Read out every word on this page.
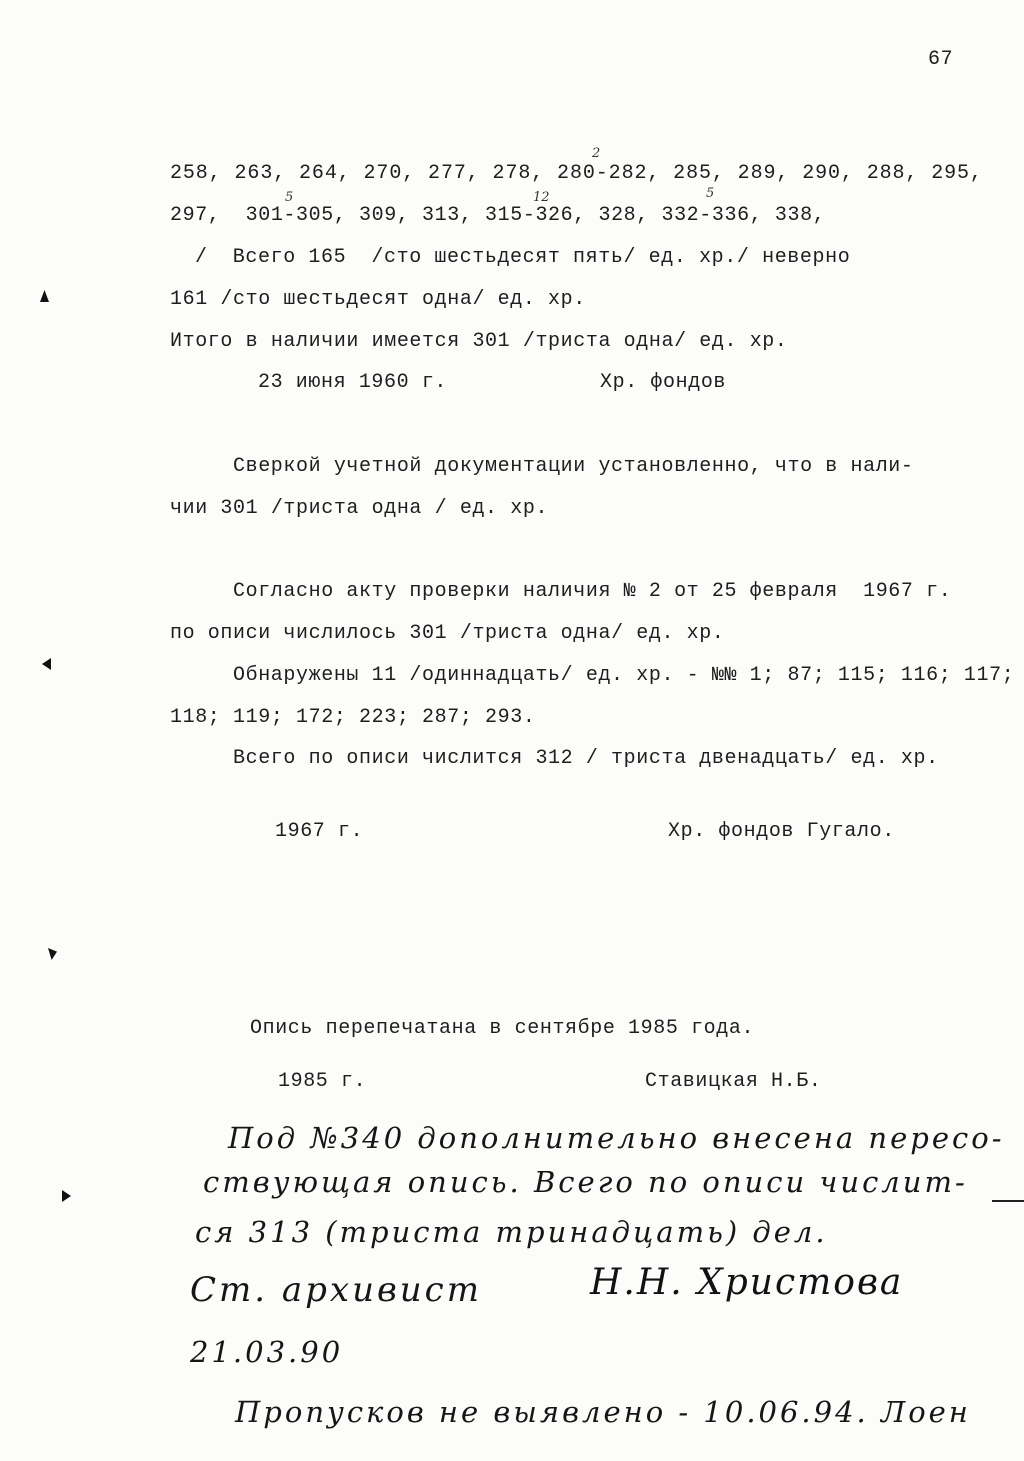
67
2
258, 263, 264, 270, 277, 278, 280-282, 285, 289, 290, 288, 295,
5	12	5
297,  301-305, 309, 313, 315-326, 328, 332-336, 338,
/  Всего 165  /сто шестьдесят пять/ ед. хр./ неверно
161 /сто шестьдесят одна/ ед. хр.
Итого в наличии имеется 301 /триста одна/ ед. хр.
23 июня 1960 г.	Хр. фондов
Сверкой учетной документации установленно, что в нали-
чии 301 /триста одна / ед. хр.
Согласно акту проверки наличия № 2 от 25 февраля  1967 г.
по описи числилось 301 /триста одна/ ед. хр.
Обнаружены 11 /одиннадцать/ ед. хр. - №№ 1; 87; 115; 116; 117;
118; 119; 172; 223; 287; 293.
Всего по описи числится 312 / триста двенадцать/ ед. хр.
1967 г.	Хр. фондов Гугало.
Опись перепечатана в сентябре 1985 года.
1985 г.	Ставицкая Н.Б.
Под №340 дополнительно внесена пересо-
ствующая опись. Всего по описи числит-
ся 313 (триста тринадцать) дел.
Ст. архивист	Н.Н. Христова
21.03.90
Пропусков не выявлено - 10.06.94. Лоен
